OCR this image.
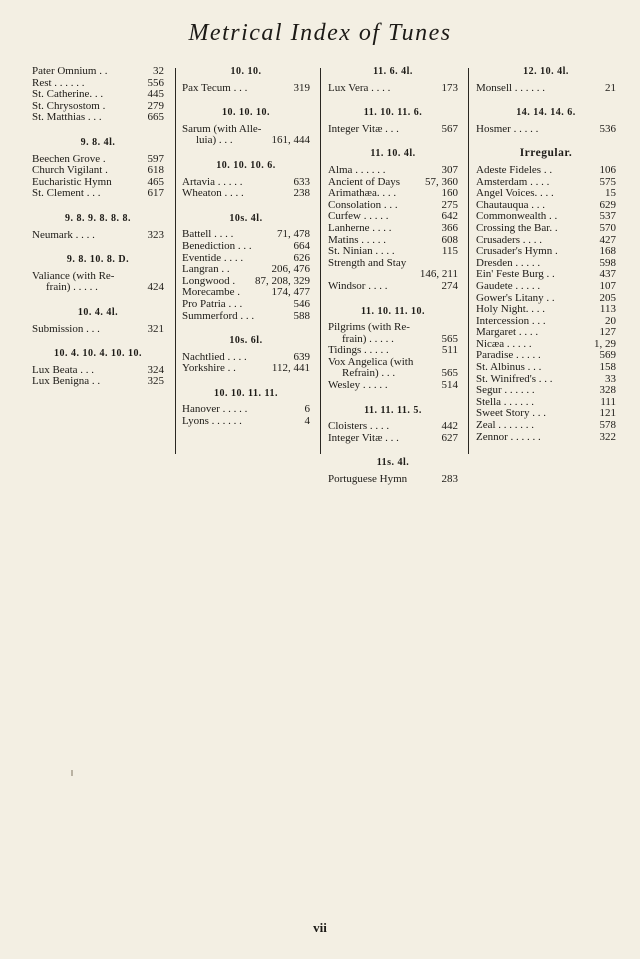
Metrical Index of Tunes
Pater Omnium . .	32
Rest . . . . . .	556
St. Catherine. . .	445
St. Chrysostom .	279
St. Matthias . . .	665
9. 8. 4l.
Beechen Grove .	597
Church Vigilant .	618
Eucharistic Hymn	465
St. Clement . . .	617
9. 8. 9. 8. 8. 8.
Neumark . . . .	323
9. 8. 10. 8. D.
Valiance (with Re-
frain) . . . . .	424
10. 4. 4l.
Submission . . .	321
10. 4. 10. 4. 10. 10.
Lux Beata . . .	324
Lux Benigna . .	325
10. 10.
Pax Tecum . . .	319
10. 10. 10.
Sarum (with Alle-
luia) . . .	161, 444
10. 10. 10. 6.
Artavia . . . . .	633
Wheaton . . . .	238
10s. 4l.
Battell . . . .	71, 478
Benediction . . .	664
Eventide . . . .	626
Langran . .	206, 476
Longwood .	87, 208, 329
Morecambe .	174, 477
Pro Patria . . .	546
Summerford . . .	588
10s. 6l.
Nachtlied . . . .	639
Yorkshire . .	112, 441
10. 10. 11. 11.
Hanover . . . . .	6
Lyons . . . . . .	4
11. 6. 4l.
Lux Vera . . . .	173
11. 10. 11. 6.
Integer Vitæ . . .	567
11. 10. 4l.
Alma . . . . . .	307
Ancient of Days	57, 360
Arimathæa. . . .	160
Consolation . . .	275
Curfew . . . . .	642
Lanherne . . . .	366
Matins . . . . .	608
St. Ninian . . . .	115
Strength and Stay
146, 211
Windsor . . . .	274
11. 10. 11. 10.
Pilgrims (with Re-
frain) . . . . .	565
Tidings . . . . .	511
Vox Angelica (with
Refrain) . . .	565
Wesley . . . . .	514
11. 11. 11. 5.
Cloisters . . . .	442
Integer Vitæ . . .	627
11s. 4l.
Portuguese Hymn	283
12. 10. 4l.
Monsell . . . . . .	21
14. 14. 14. 6.
Hosmer . . . . .	536
Irregular.
Adeste Fideles . .	106
Amsterdam . . . .	575
Angel Voices. . . .	15
Chautauqua . . .	629
Commonwealth . .	537
Crossing the Bar. .	570
Crusaders . . . .	427
Crusader's Hymn .	168
Dresden . . . . .	598
Ein' Feste Burg . .	437
Gaudete . . . . .	107
Gower's Litany . .	205
Holy Night. . . .	113
Intercession . . .	20
Margaret . . . .	127
Nicæa . . . . .	1, 29
Paradise . . . . .	569
St. Albinus . . .	158
St. Winifred's . . .	33
Segur . . . . . .	328
Stella . . . . . .	111
Sweet Story . . .	121
Zeal . . . . . . .	578
Zennor . . . . . .	322
vii
